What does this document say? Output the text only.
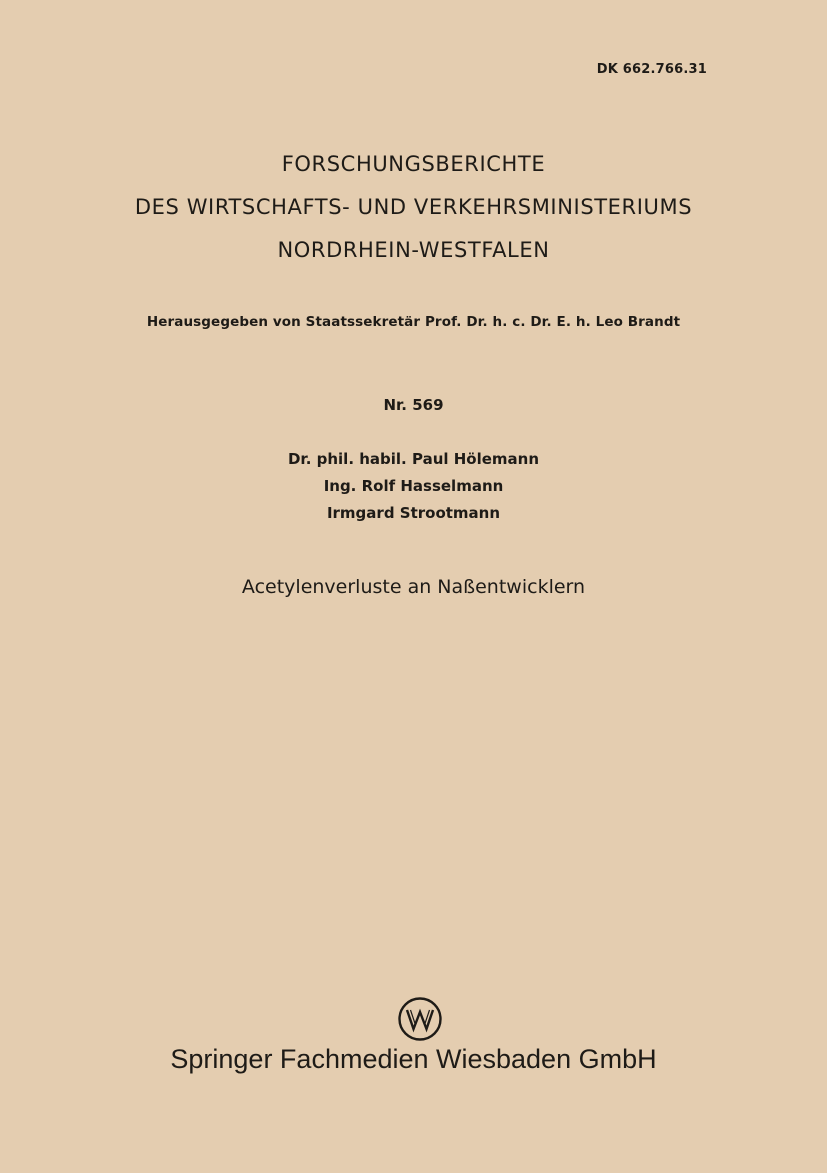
DK 662.766.31
FORSCHUNGSBERICHTE
DES WIRTSCHAFTS- UND VERKEHRSMINISTERIUMS
NORDRHEIN-WESTFALEN
Herausgegeben von Staatssekretär Prof. Dr. h. c. Dr. E. h. Leo Brandt
Nr. 569
Dr. phil. habil. Paul Hölemann
Ing. Rolf Hasselmann
Irmgard Strootmann
Acetylenverluste an Naßentwicklern
Springer Fachmedien Wiesbaden GmbH
